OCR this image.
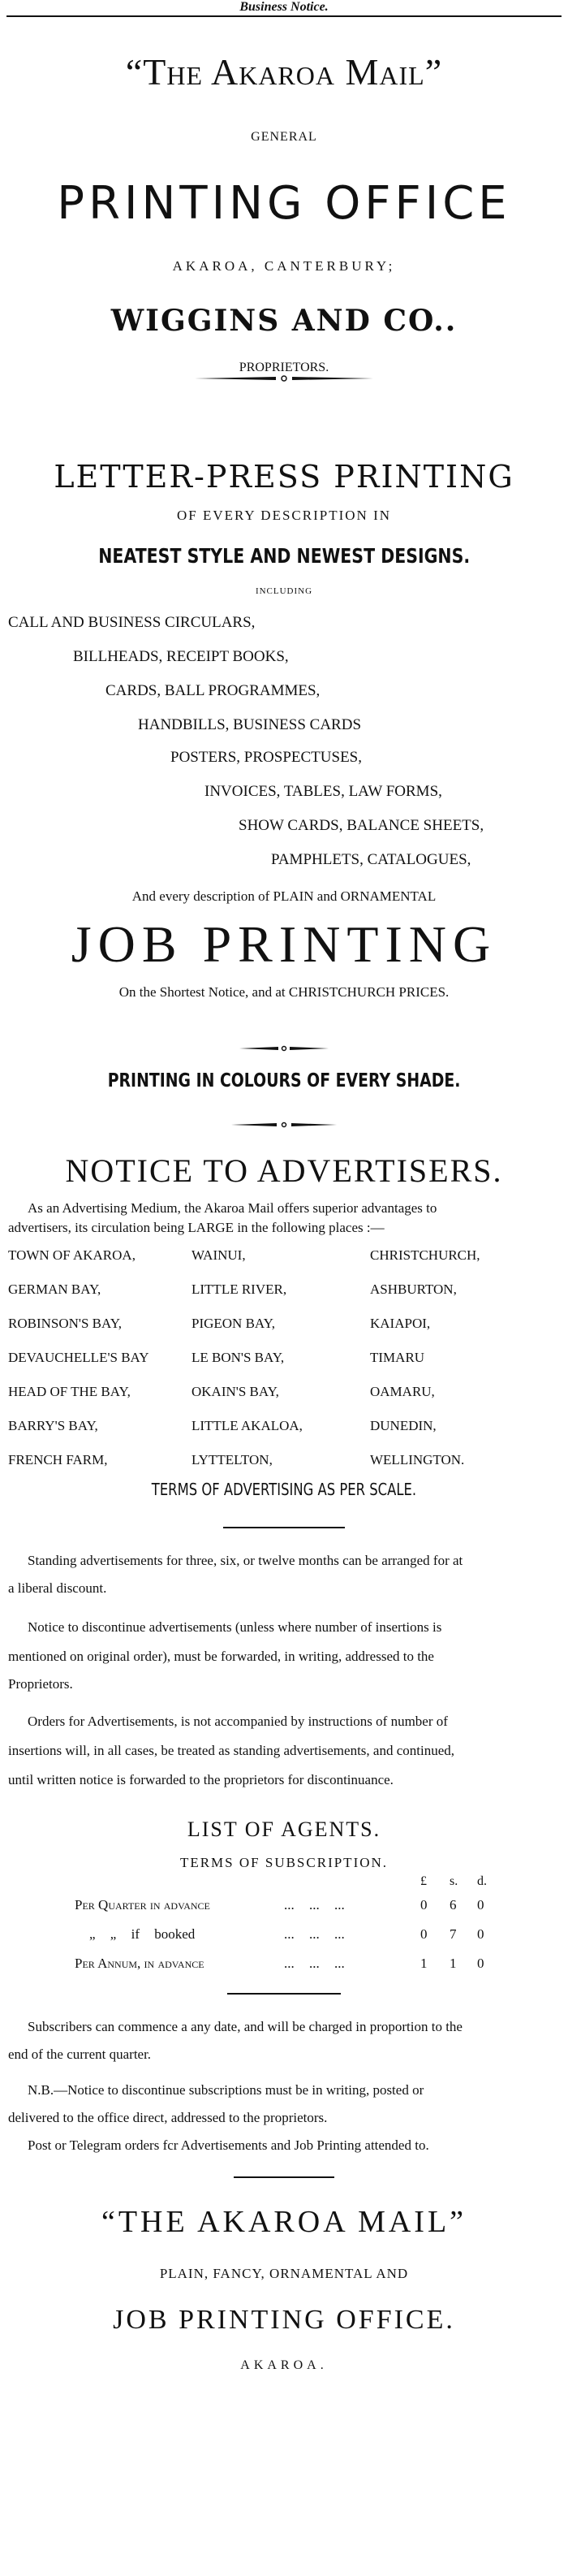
Business Notice.
“The Akaroa Mail”
GENERAL
PRINTING OFFICE
AKAROA, CANTERBURY;
WIGGINS AND CO..
PROPRIETORS.
LETTER-PRESS PRINTING
OF EVERY DESCRIPTION IN
NEATEST STYLE AND NEWEST DESIGNS.
INCLUDING
CALL AND BUSINESS CIRCULARS,
BILLHEADS, RECEIPT BOOKS,
CARDS, BALL PROGRAMMES,
HANDBILLS, BUSINESS CARDS
POSTERS, PROSPECTUSES,
INVOICES, TABLES, LAW FORMS,
SHOW CARDS, BALANCE SHEETS,
PAMPHLETS, CATALOGUES,
And every description of PLAIN and ORNAMENTAL
JOB PRINTING
On the Shortest Notice, and at CHRISTCHURCH PRICES.
PRINTING IN COLOURS OF EVERY SHADE.
NOTICE TO ADVERTISERS.
As an Advertising Medium, the Akaroa Mail offers superior advantages to
advertisers, its circulation being LARGE in the following places :—
TOWN OF AKAROA,	WAINUI,	CHRISTCHURCH,
GERMAN BAY,	LITTLE RIVER,	ASHBURTON,
ROBINSON'S BAY,	PIGEON BAY,	KAIAPOI,
DEVAUCHELLE'S BAY	LE BON'S BAY,	TIMARU
HEAD OF THE BAY,	OKAIN'S BAY,	OAMARU,
BARRY'S BAY,	LITTLE AKALOA,	DUNEDIN,
FRENCH FARM,	LYTTELTON,	WELLINGTON.
TERMS OF ADVERTISING AS PER SCALE.
Standing advertisements for three, six, or twelve months can be arranged for at
a liberal discount.
Notice to discontinue advertisements (unless where number of insertions is
mentioned on original order), must be forwarded, in writing, addressed to the
Proprietors.
Orders for Advertisements, is not accompanied by instructions of number of
insertions will, in all cases, be treated as standing advertisements, and continued,
until written notice is forwarded to the proprietors for discontinuance.
LIST OF AGENTS.
TERMS OF SUBSCRIPTION.
£ s. d.
Per Quarter in advance	... ... ...	0 6 0
„ „ if booked	... ... ...	0 7 0
Per Annum, in advance	... ... ...	1 1 0
Subscribers can commence a any date, and will be charged in proportion to the
end of the current quarter.
N.B.—Notice to discontinue subscriptions must be in writing, posted or
delivered to the office direct, addressed to the proprietors.
Post or Telegram orders fcr Advertisements and Job Printing attended to.
“THE AKAROA MAIL”
PLAIN, FANCY, ORNAMENTAL AND
JOB PRINTING OFFICE.
AKAROA.
